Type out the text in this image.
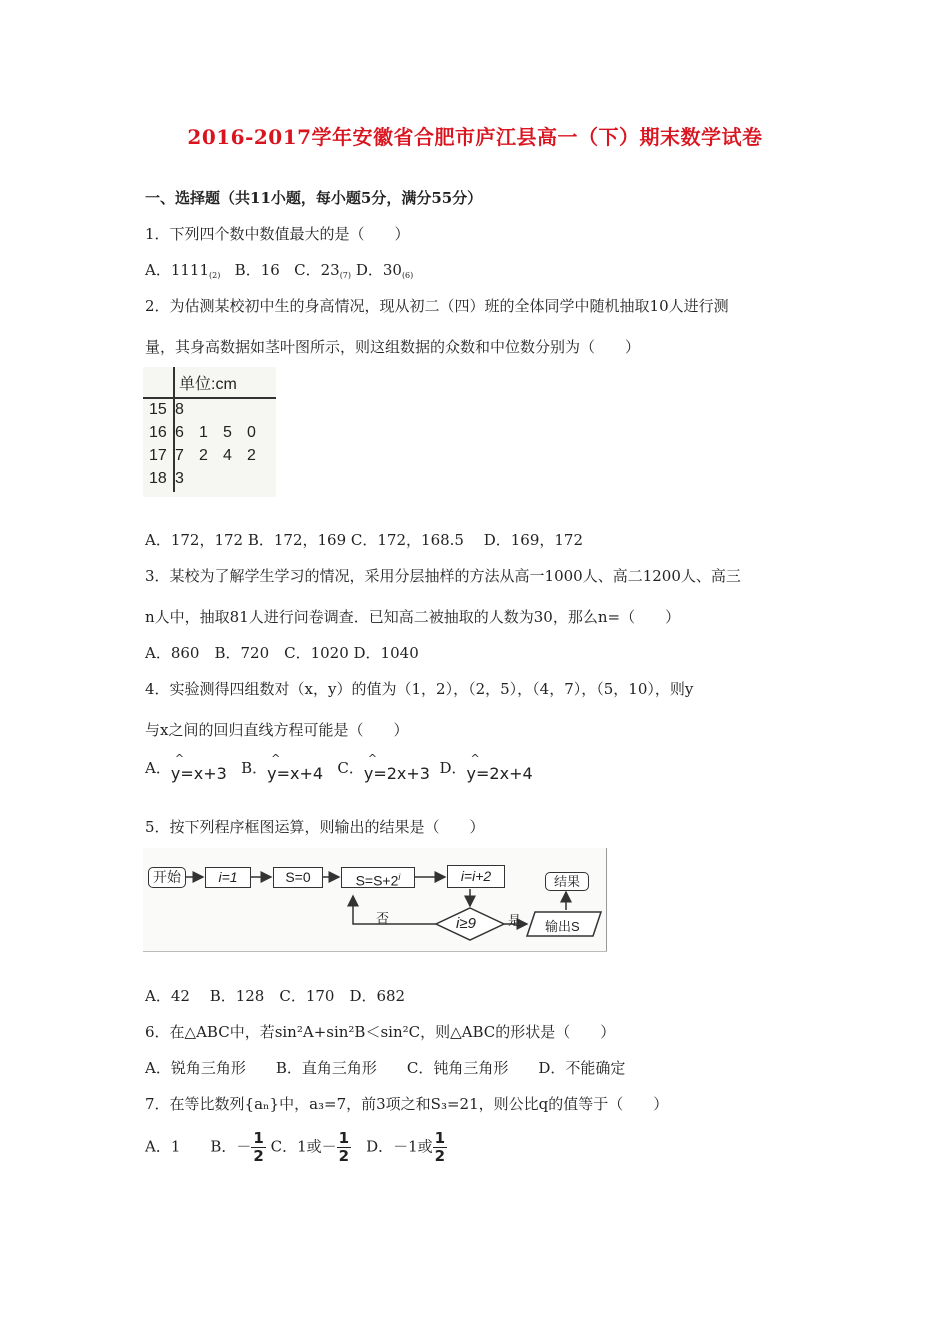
2016-2017学年安徽省合肥市庐江县高一（下）期末数学试卷
一、选择题（共11小题，每小题5分，满分55分）
1．下列四个数中数值最大的是（　　）
A．$1111_{(2)}$ B．16 C．$23_{(7)}$ D．$30_{(6)}$
2．为估测某校初中生的身高情况，现从初二（四）班的全体同学中随机抽取10人进行测
量，其身高数据如茎叶图所示，则这组数据的众数和中位数分别为（　　）
单位:cm
15 8
16 6 1 5 0
17 7 2 4 2
18 3
A．172，172 B．172，169 C．172，168.5　 D．169，172
3．某校为了解学生学习的情况，采用分层抽样的方法从高一1000人、高二1200人、高三
n人中，抽取81人进行问卷调查．已知高二被抽取的人数为30，那么n=（　　）
A．860　B．720　C．1020 D．1040
4．实验测得四组数对（x，y）的值为（1，2），（2，5），（4，7），（5，10），则y
与x之间的回归直线方程可能是（　　）
A． ^
y=x+3 B． ^
y=x+4 C． ^
y=2x+3 D． ^
y=2x+4
5．按下列程序框图运算，则输出的结果是（　　）
开始	i=1	S=0	$S=S+2^i$	i=i+2
i≥9
否	是 输出S
结果
A．42　 B．128　C．170　D．682
6．在△ABC中，若sin²A+sin²B＜sin²C，则△ABC的形状是（　　）
A．锐角三角形　　B．直角三角形　　C．钝角三角形　　D．不能确定
7．在等比数列{aₙ}中，a₃=7，前3项之和S₃=21，则公比q的值等于（　　）
A．1　　B．－ $\frac{1}{2}$ C．1或－ $\frac{1}{2}$ 　D．－1或 $\frac{1}{2}$
